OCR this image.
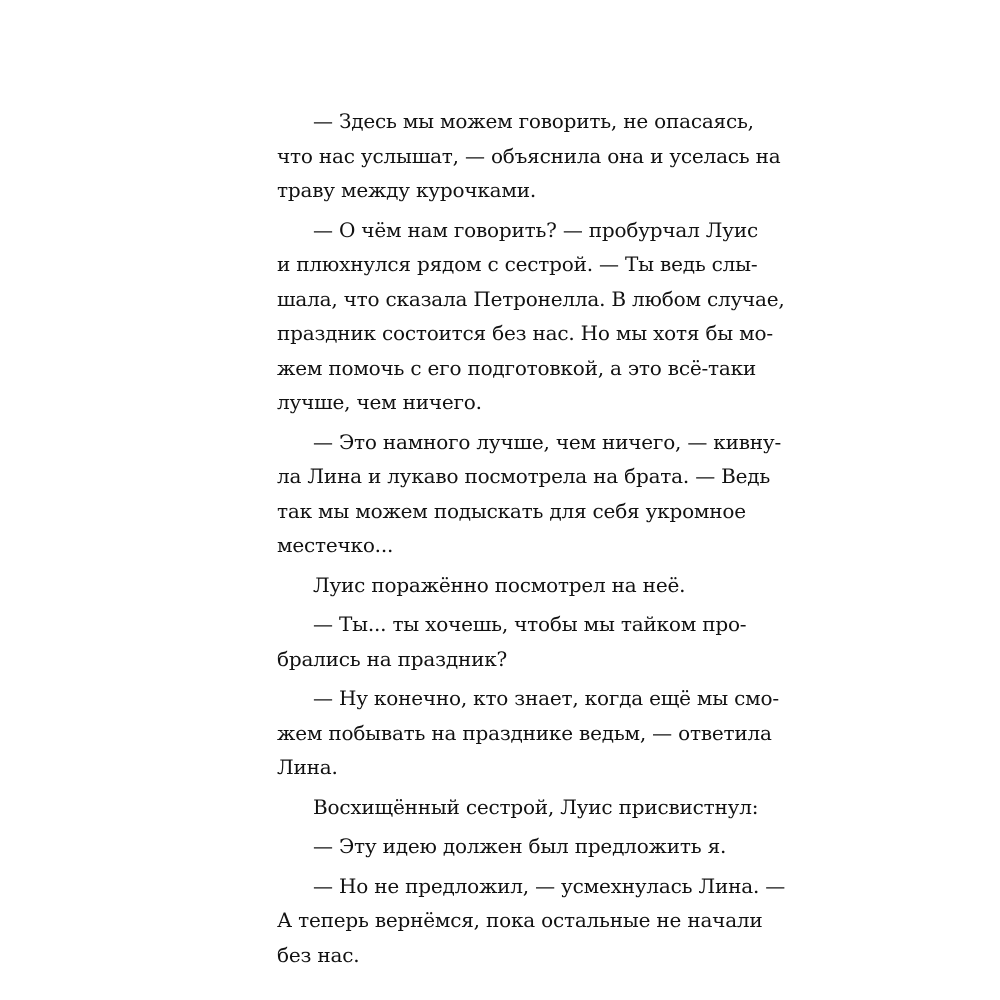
— Здесь мы можем говорить, не опасаясь,
что нас услышат, — объяснила она и уселась на
траву между курочками.
— О чём нам говорить? — пробурчал Луис
и плюхнулся рядом с сестрой. — Ты ведь слы-
шала, что сказала Петронелла. В любом случае,
праздник состоится без нас. Но мы хотя бы мо-
жем помочь с его подготовкой, а это всё-таки
лучше, чем ничего.
— Это намного лучше, чем ничего, — кивну-
ла Лина и лукаво посмотрела на брата. — Ведь
так мы можем подыскать для себя укромное
местечко...
Луис поражённо посмотрел на неё.
— Ты... ты хочешь, чтобы мы тайком про-
брались на праздник?
— Ну конечно, кто знает, когда ещё мы смо-
жем побывать на празднике ведьм, — ответила
Лина.
Восхищённый сестрой, Луис присвистнул:
— Эту идею должен был предложить я.
— Но не предложил, — усмехнулась Лина. —
А теперь вернёмся, пока остальные не начали
без нас.
